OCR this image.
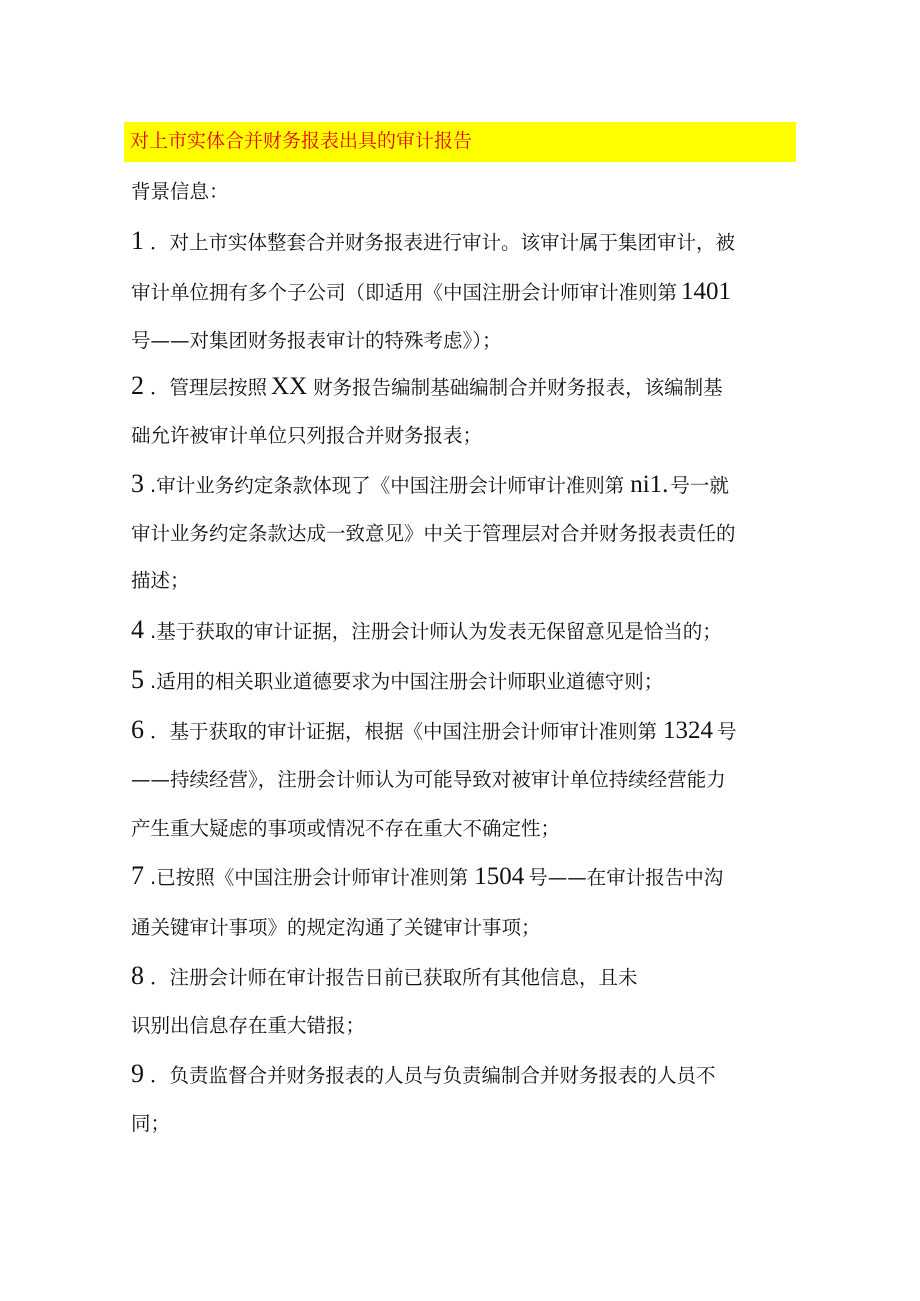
对上市实体合并财务报表出具的审计报告
背景信息：
1 ．对上市实体整套合并财务报表进行审计。该审计属于集团审计，被
审计单位拥有多个子公司（即适用《中国注册会计师审计准则第 1401
号——对集团财务报表审计的特殊考虑》）；
2 ．管理层按照 XX 财务报告编制基础编制合并财务报表，该编制基
础允许被审计单位只列报合并财务报表；
3 .审计业务约定条款体现了《中国注册会计师审计准则第 ni1. 号一就
审计业务约定条款达成一致意见》中关于管理层对合并财务报表责任的
描述；
4 .基于获取的审计证据，注册会计师认为发表无保留意见是恰当的；
5 .适用的相关职业道德要求为中国注册会计师职业道德守则；
6 ．基于获取的审计证据，根据《中国注册会计师审计准则第 1324 号
——持续经营》，注册会计师认为可能导致对被审计单位持续经营能力
产生重大疑虑的事项或情况不存在重大不确定性；
7 .已按照《中国注册会计师审计准则第 1504 号——在审计报告中沟
通关键审计事项》的规定沟通了关键审计事项；
8 ．注册会计师在审计报告日前已获取所有其他信息，且未
识别出信息存在重大错报；
9 ．负责监督合并财务报表的人员与负责编制合并财务报表的人员不
同；
